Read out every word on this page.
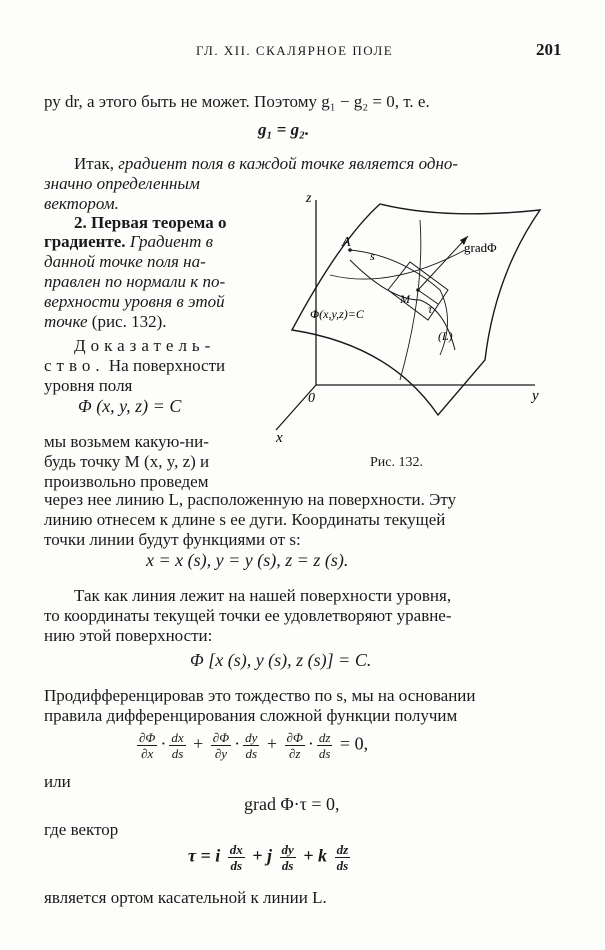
ГЛ. XII. СКАЛЯРНОЕ ПОЛЕ	201
ру dr, а этого быть не может. Поэтому g₁ − g₂ = 0, т. е.
g₁ = g₂.
Итак, градиент поля в каждой точке является одно-
значно определенным
вектором.
2. Первая теорема о
градиенте. Градиент в
данной точке поля на-
правлен по нормали к по-
верхности уровня в этой
точке (рис. 132).
Доказатель-
ство. На поверхности
уровня поля
Φ (x, y, z) = C
мы возьмем какую-ни-
будь точку M (x, y, z) и
произвольно проведем
через нее линию L, расположенную на поверхности. Эту
линию отнесем к длине s ее дуги. Координаты текущей
точки линии будут функциями от s:
x = x (s), y = y (s), z = z (s).
Так как линия лежит на нашей поверхности уровня,
то координаты текущей точки ее удовлетворяют уравне-
нию этой поверхности:
Φ [x (s), y (s), z (s)] = C.
Продифференцировав это тождество по s, мы на основании
правила дифференцирования сложной функции получим
$\frac{\partial\Phi}{\partial x} \cdot \frac{dx}{ds} + \frac{\partial\Phi}{\partial y} \cdot \frac{dy}{ds} + \frac{\partial\Phi}{\partial z} \cdot \frac{dz}{ds} = 0$,
или
grad Φ·τ = 0,
где вектор
τ = i $\frac{dx}{ds} + j \frac{dy}{ds} + k \frac{dz}{ds}$
является ортом касательной к линии L.
z
y
x
0
A
s
gradΦ
Φ(x,y,z)=C
M
τ
(L)
Рис. 132.
